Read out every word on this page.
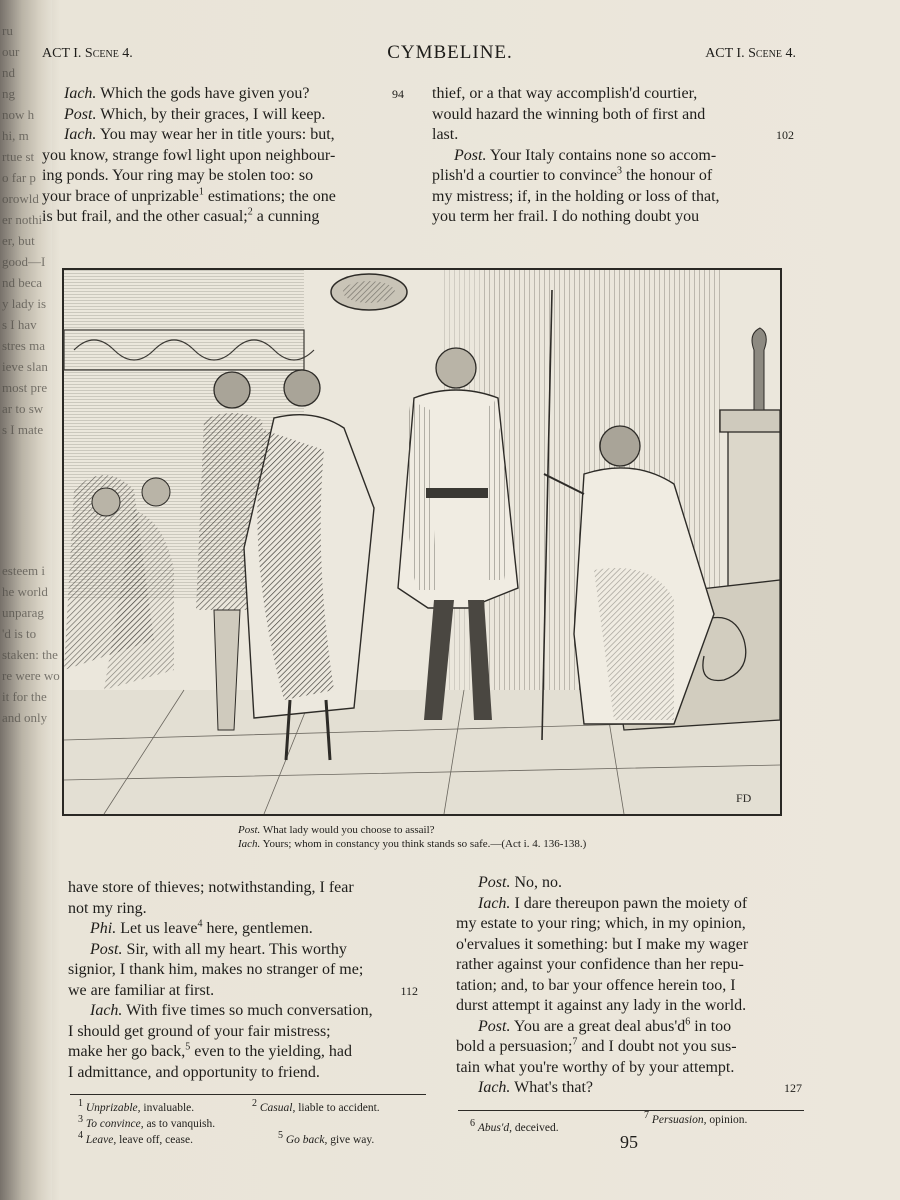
ru
our
nd
ng
now h
hi, m
rtue st
o far p
orowld
er nothi
er, but
good—I
nd beca
y lady is
s I hav
stres ma
ieve slan
most pre
ar to sw
s I mate
esteem i
he world
unparag
'd is to
staken: the
re were wo
it for the
and only
ACT I. Scene 4.	CYMBELINE.	ACT I. Scene 4.

Iach. Which the gods have given you?	94

Post. Which, by their graces, I will keep.

Iach. You may wear her in title yours: but,

you know, strange fowl light upon neighbour-

ing ponds. Your ring may be stolen too: so

your brace of unprizable$^1$ estimations; the one

is but frail, and the other casual;$^2$ a cunning

thief, or a that way accomplish'd courtier,

would hazard the winning both of first and

last.	102

Post. Your Italy contains none so accom-

plish'd a courtier to convince$^3$ the honour of

my mistress; if, in the holding or loss of that,

you term her frail. I do nothing doubt you

FD

Post. What lady would you choose to assail?

Iach. Yours; whom in constancy you think stands so safe.—(Act i. 4. 136-138.)

have store of thieves; notwithstanding, I fear

not my ring.

Phi. Let us leave$^4$ here, gentlemen.

Post. Sir, with all my heart. This worthy

signior, I thank him, makes no stranger of me;

we are familiar at first.	112

Iach. With five times so much conversation,

I should get ground of your fair mistress;

make her go back,$^5$ even to the yielding, had

I admittance, and opportunity to friend.

Post. No, no.

Iach. I dare thereupon pawn the moiety of

my estate to your ring; which, in my opinion,

o'ervalues it something: but I make my wager

rather against your confidence than her repu-

tation; and, to bar your offence herein too, I

durst attempt it against any lady in the world.

Post. You are a great deal $abus'd^6$ in too

bold a persuasion;$^7$ and I doubt not you sus-

tain what you're worthy of by your attempt.

Iach. What's that?	127

1 Unprizable, invaluable.	2 Casual, liable to accident.
3 To convince, as to vanquish.
4 Leave, leave off, cease.	5 Go back, give way.
6 Abus'd, deceived.
7 Persuasion, opinion.
95
